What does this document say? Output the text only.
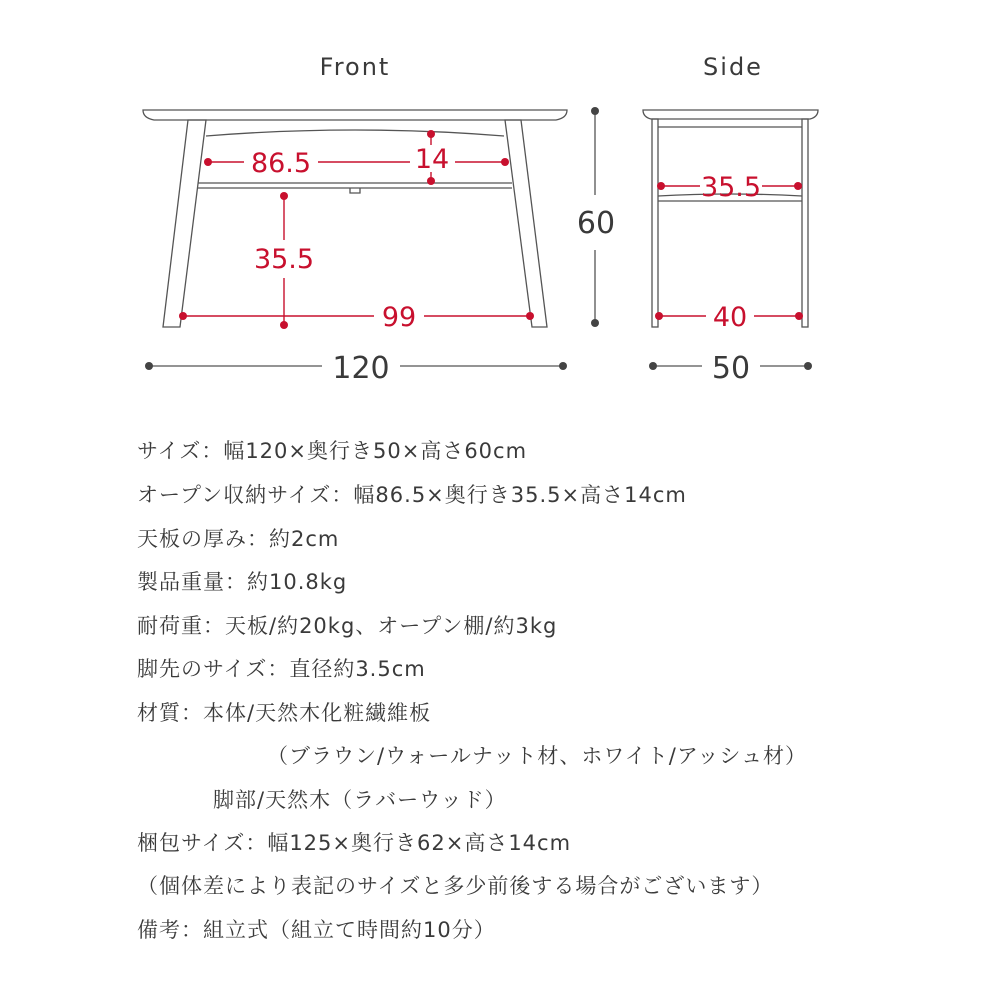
Front	Side
86.5	14
35.5
99
120
60
35.5
40
50
サイズ：幅120×奥行き50×高さ60cm
オープン収納サイズ：幅86.5×奥行き35.5×高さ14cm
天板の厚み：約2cm
製品重量：約10.8kg
耐荷重：天板/約20kg、オープン棚/約3kg
脚先のサイズ：直径約3.5cm
材質：本体/天然木化粧繊維板
（ブラウン/ウォールナット材、ホワイト/アッシュ材）
脚部/天然木（ラバーウッド）
梱包サイズ：幅125×奥行き62×高さ14cm
（個体差により表記のサイズと多少前後する場合がございます）
備考：組立式（組立て時間約10分）
